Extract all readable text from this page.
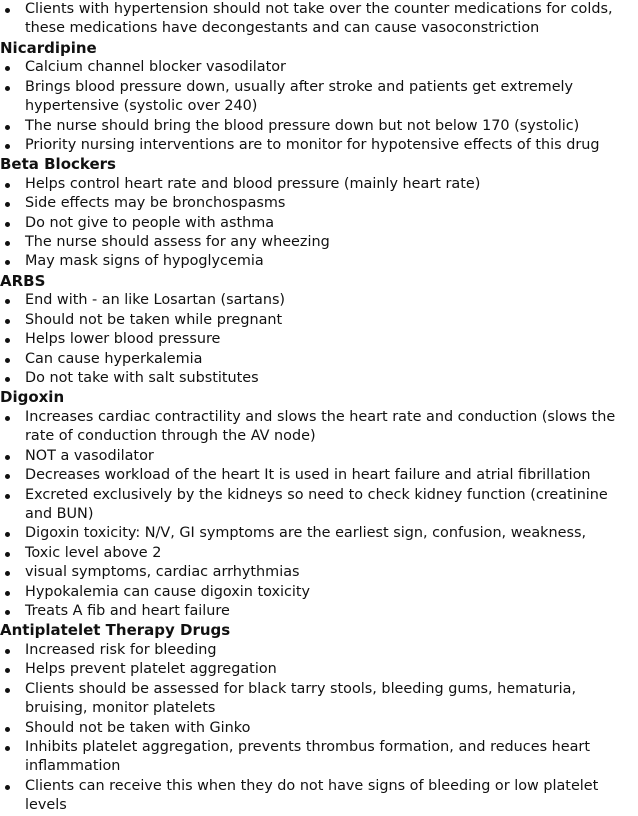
Clients with hypertension should not take over the counter medications for colds, these medications have decongestants and can cause vasoconstriction
Nicardipine
Calcium channel blocker vasodilator
Brings blood pressure down, usually after stroke and patients get extremely hypertensive (systolic over 240)
The nurse should bring the blood pressure down but not below 170 (systolic)
Priority nursing interventions are to monitor for hypotensive effects of this drug
Beta Blockers
Helps control heart rate and blood pressure (mainly heart rate)
Side effects may be bronchospasms
Do not give to people with asthma
The nurse should assess for any wheezing
May mask signs of hypoglycemia
ARBS
End with - an like Losartan (sartans)
Should not be taken while pregnant
Helps lower blood pressure
Can cause hyperkalemia
Do not take with salt substitutes
Digoxin
Increases cardiac contractility and slows the heart rate and conduction (slows the rate of conduction through the AV node)
NOT a vasodilator
Decreases workload of the heart It is used in heart failure and atrial fibrillation
Excreted exclusively by the kidneys so need to check kidney function (creatinine and BUN)
Digoxin toxicity: N/V, GI symptoms are the earliest sign, confusion, weakness,
Toxic level above 2
visual symptoms, cardiac arrhythmias
Hypokalemia can cause digoxin toxicity
Treats A fib and heart failure
Antiplatelet Therapy Drugs
Increased risk for bleeding
Helps prevent platelet aggregation
Clients should be assessed for black tarry stools, bleeding gums, hematuria, bruising, monitor platelets
Should not be taken with Ginko
Inhibits platelet aggregation, prevents thrombus formation, and reduces heart inflammation
Clients can receive this when they do not have signs of bleeding or low platelet levels
